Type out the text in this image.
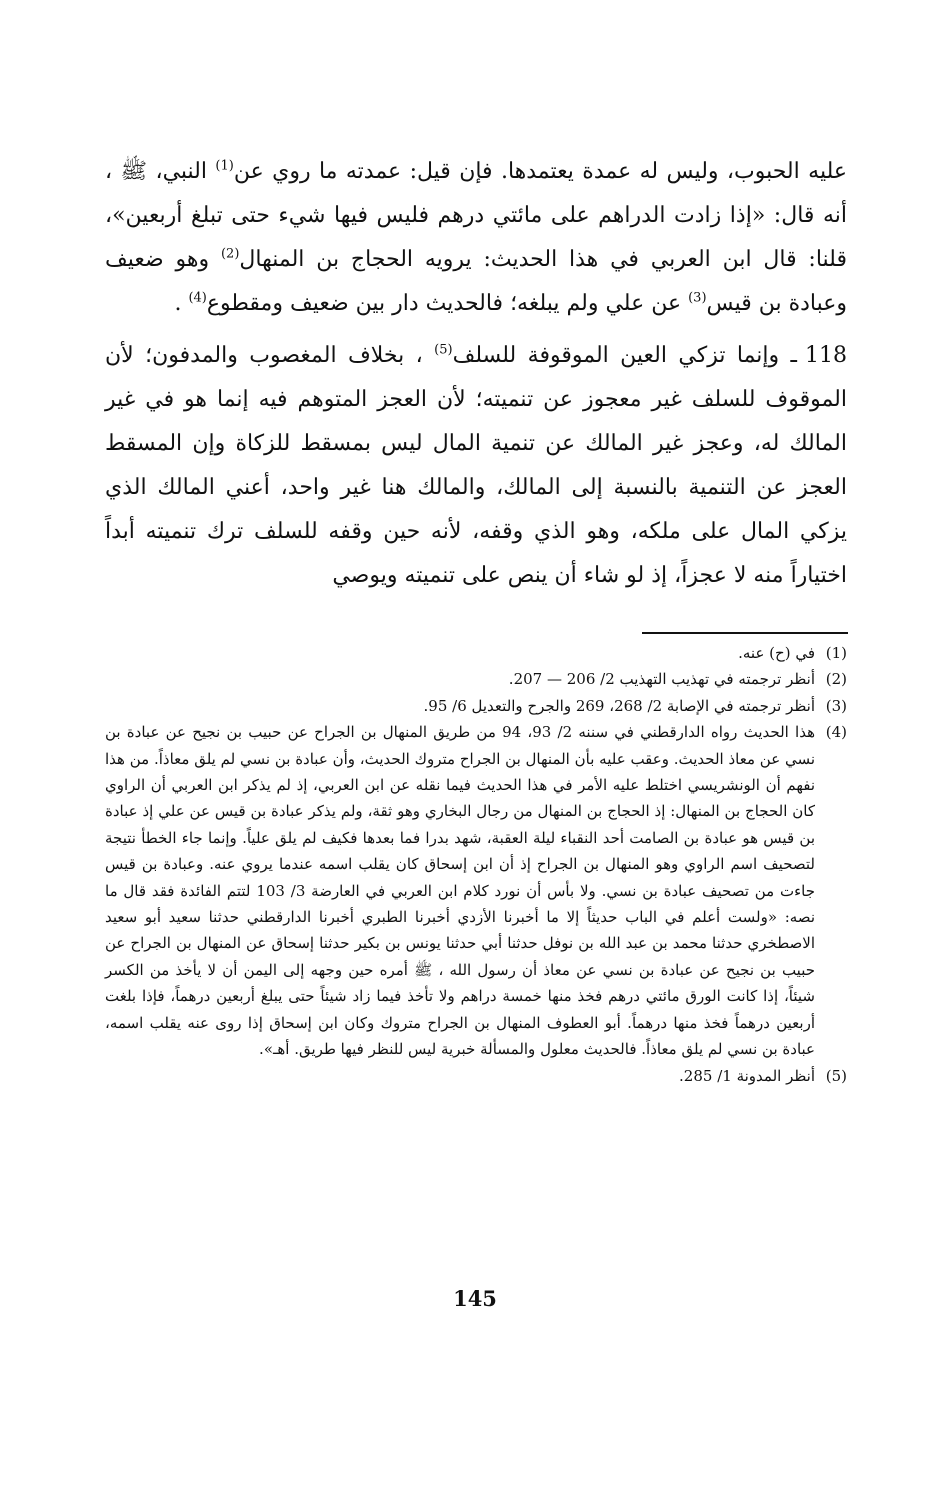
عليه الحبوب، وليس له عمدة يعتمدها. فإن قيل: عمدته ما روي عن$^{(1)}$ النبي، ﷺ ، أنه قال: «إذا زادت الدراهم على مائتي درهم فليس فيها شيء حتى تبلغ أربعين»، قلنا: قال ابن العربي في هذا الحديث: يرويه الحجاج بن المنهال$^{(2)}$ وهو ضعيف وعبادة بن قيس$^{(3)}$ عن علي ولم يبلغه؛ فالحديث دار بين ضعيف ومقطوع$^{(4)}$ .

118ـ وإنما تزكي العين الموقوفة للسلف$^{(5)}$ ، بخلاف المغصوب والمدفون؛ لأن الموقوف للسلف غير معجوز عن تنميته؛ لأن العجز المتوهم فيه إنما هو في غير المالك له، وعجز غير المالك عن تنمية المال ليس بمسقط للزكاة وإن المسقط العجز عن التنمية بالنسبة إلى المالك، والمالك هنا غير واحد، أعني المالك الذي يزكي المال على ملكه، وهو الذي وقفه، لأنه حين وقفه للسلف ترك تنميته أبداً اختياراً منه لا عجزاً، إذ لو شاء أن ينص على تنميته ويوصي

(1)
في (ح) عنه.
(2)
أنظر ترجمته في تهذيب التهذيب 2/ 206 — 207.
(3)
أنظر ترجمته في الإصابة 2/ 268، 269 والجرح والتعديل 6/ 95.
(4)
هذا الحديث رواه الدارقطني في سننه 2/ 93، 94 من طريق المنهال بن الجراح عن حبيب بن نجيح عن عبادة بن نسي عن معاذ الحديث. وعقب عليه بأن المنهال بن الجراح متروك الحديث، وأن عبادة بن نسي لم يلق معاذاً. من هذا نفهم أن الونشريسي اختلط عليه الأمر في هذا الحديث فيما نقله عن ابن العربي، إذ لم يذكر ابن العربي أن الراوي كان الحجاج بن المنهال: إذ الحجاج بن المنهال من رجال البخاري وهو ثقة، ولم يذكر عبادة بن قيس عن علي إذ عبادة بن قيس هو عبادة بن الصامت أحد النقباء ليلة العقبة، شهد بدرا فما بعدها فكيف لم يلق علياً. وإنما جاء الخطأ نتيجة لتصحيف اسم الراوي وهو المنهال بن الجراح إذ أن ابن إسحاق كان يقلب اسمه عندما يروي عنه. وعبادة بن قيس جاءت من تصحيف عبادة بن نسي. ولا بأس أن نورد كلام ابن العربي في العارضة 3/ 103 لتتم الفائدة فقد قال ما نصه: «ولست أعلم في الباب حديثاً إلا ما أخبرنا الأزدي أخبرنا الطبري أخبرنا الدارقطني حدثنا سعيد أبو سعيد الاصطخري حدثنا محمد بن عبد الله بن نوفل حدثنا أبي حدثنا يونس بن بكير حدثنا إسحاق عن المنهال بن الجراح عن حبيب بن نجيح عن عبادة بن نسي عن معاذ أن رسول الله ، ﷺ أمره حين وجهه إلى اليمن أن لا يأخذ من الكسر شيئاً، إذا كانت الورق مائتي درهم فخذ منها خمسة دراهم ولا تأخذ فيما زاد شيئاً حتى يبلغ أربعين درهماً، فإذا بلغت أربعين درهماً فخذ منها درهماً. أبو العطوف المنهال بن الجراح متروك وكان ابن إسحاق إذا روى عنه يقلب اسمه، عبادة بن نسي لم يلق معاذاً. فالحديث معلول والمسألة خبرية ليس للنظر فيها طريق. أهـ».
(5)
أنظر المدونة 1/ 285.
145
